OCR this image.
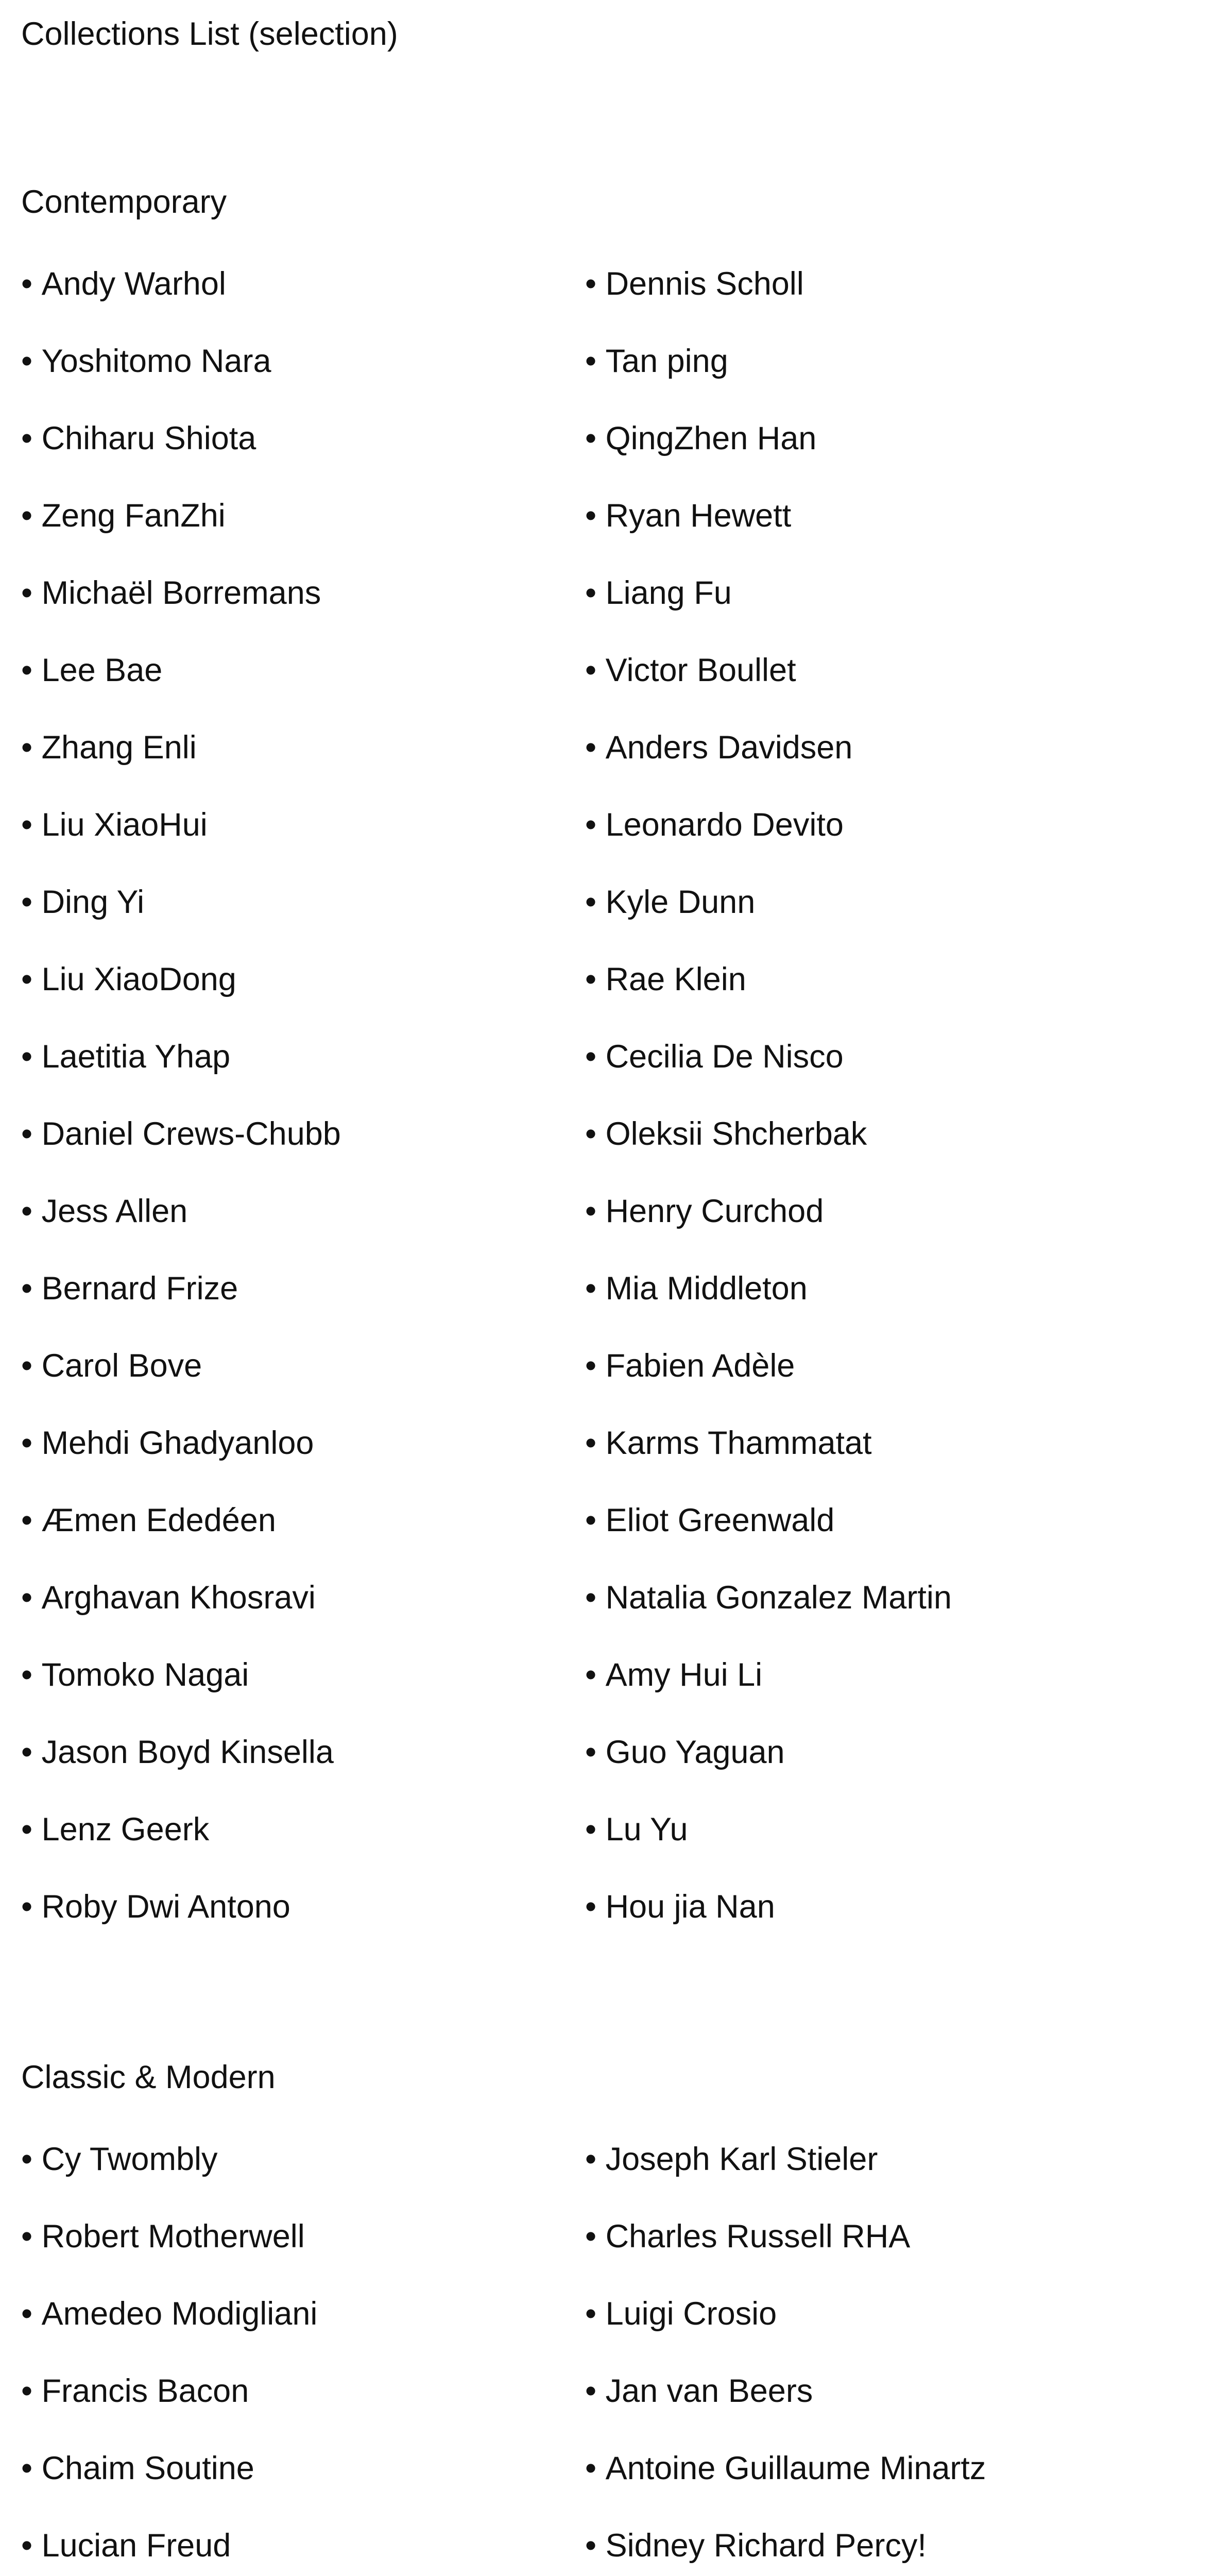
Collections List (selection)
Contemporary
• Andy Warhol
• Yoshitomo Nara
• Chiharu Shiota
• Zeng FanZhi
• Michaël Borremans
• Lee Bae
• Zhang Enli
• Liu XiaoHui
• Ding Yi
• Liu XiaoDong
• Laetitia Yhap
• Daniel Crews-Chubb
• Jess Allen
• Bernard Frize
• Carol Bove
• Mehdi Ghadyanloo
• Æmen Ededéen
• Arghavan Khosravi
• Tomoko Nagai
• Jason Boyd Kinsella
• Lenz Geerk
• Roby Dwi Antono
• Dennis Scholl
• Tan ping
• QingZhen Han
• Ryan Hewett
• Liang Fu
• Victor Boullet
• Anders Davidsen
• Leonardo Devito
• Kyle Dunn
• Rae Klein
• Cecilia De Nisco
• Oleksii Shcherbak
• Henry Curchod
• Mia Middleton
• Fabien Adèle
• Karms Thammatat
• Eliot Greenwald
• Natalia Gonzalez Martin
• Amy Hui Li
• Guo Yaguan
• Lu Yu
• Hou jia Nan
Classic & Modern
• Cy Twombly
• Robert Motherwell
• Amedeo Modigliani
• Francis Bacon
• Chaim Soutine
• Lucian Freud
• Joseph Karl Stieler
• Charles Russell RHA
• Luigi Crosio
• Jan van Beers
• Antoine Guillaume Minartz
• Sidney Richard Percy!
